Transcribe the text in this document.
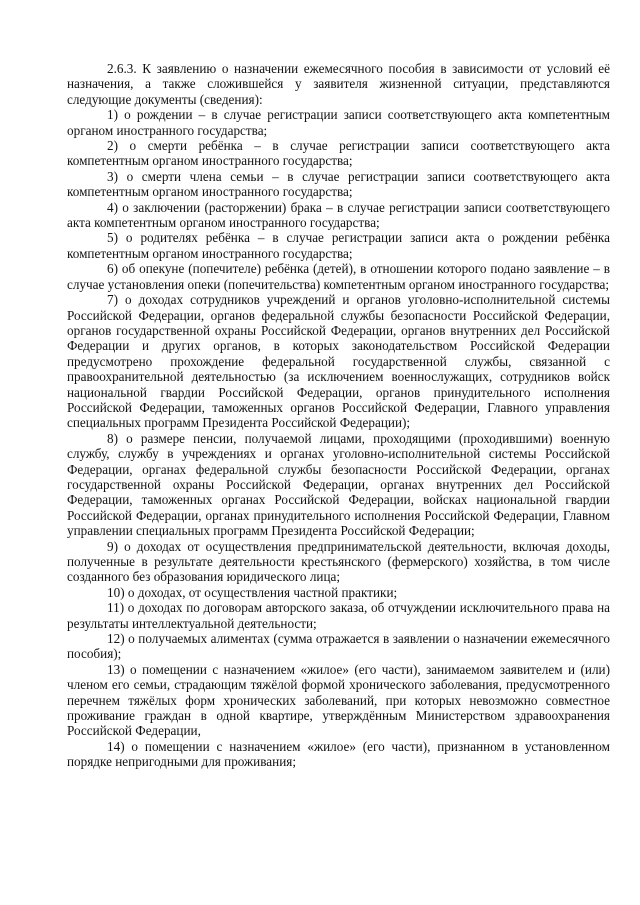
2.6.3. К заявлению о назначении ежемесячного пособия в зависимости от условий её назначения, а также сложившейся у заявителя жизненной ситуации, представляются следующие документы (сведения):

1) о рождении – в случае регистрации записи соответствующего акта компетентным органом иностранного государства;

2) о смерти ребёнка – в случае регистрации записи соответствующего акта компетентным органом иностранного государства;

3) о смерти члена семьи – в случае регистрации записи соответствующего акта компетентным органом иностранного государства;

4) о заключении (расторжении) брака – в случае регистрации записи соответствующего акта компетентным органом иностранного государства;

5) о родителях ребёнка – в случае регистрации записи акта о рождении ребёнка компетентным органом иностранного государства;

6) об опекуне (попечителе) ребёнка (детей), в отношении которого подано заявление – в случае установления опеки (попечительства) компетентным органом иностранного государства;

7) о доходах сотрудников учреждений и органов уголовно-исполнительной системы Российской Федерации, органов федеральной службы безопасности Российской Федерации, органов государственной охраны Российской Федерации, органов внутренних дел Российской Федерации и других органов, в которых законодательством Российской Федерации предусмотрено прохождение федеральной государственной службы, связанной с правоохранительной деятельностью (за исключением военнослужащих, сотрудников войск национальной гвардии Российской Федерации, органов принудительного исполнения Российской Федерации, таможенных органов Российской Федерации, Главного управления специальных программ Президента Российской Федерации);

8) о размере пенсии, получаемой лицами, проходящими (проходившими) военную службу, службу в учреждениях и органах уголовно-исполнительной системы Российской Федерации, органах федеральной службы безопасности Российской Федерации, органах государственной охраны Российской Федерации, органах внутренних дел Российской Федерации, таможенных органах Российской Федерации, войсках национальной гвардии Российской Федерации, органах принудительного исполнения Российской Федерации, Главном управлении специальных программ Президента Российской Федерации;

9) о доходах от осуществления предпринимательской деятельности, включая доходы, полученные в результате деятельности крестьянского (фермерского) хозяйства, в том числе созданного без образования юридического лица;

10) о доходах, от осуществления частной практики;

11) о доходах по договорам авторского заказа, об отчуждении исключительного права на результаты интеллектуальной деятельности;

12) о получаемых алиментах (сумма отражается в заявлении о назначении ежемесячного пособия);

13) о помещении с назначением «жилое» (его части), занимаемом заявителем и (или) членом его семьи, страдающим тяжёлой формой хронического заболевания, предусмотренного перечнем тяжёлых форм хронических заболеваний, при которых невозможно совместное проживание граждан в одной квартире, утверждённым Министерством здравоохранения Российской Федерации,

14) о помещении с назначением «жилое» (его части), признанном в установленном порядке непригодными для проживания;
